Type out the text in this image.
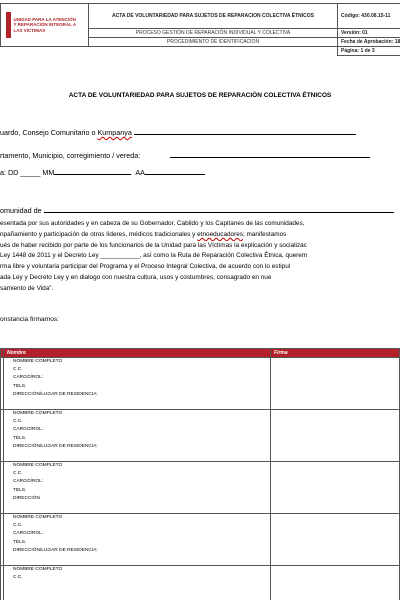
UNIDAD PARA LA ATENCIÓN
Y REPARACIÓN INTEGRAL A LAS VÍCTIMAS	ACTA DE VOLUNTARIEDAD PARA SUJETOS DE REPARACION COLECTIVA ÉTNICOS	Código: 430.08.15-11
	PROCESO GESTIÓN DE REPARACIÓN INDIVIDUAL Y COLECTIVA	Versión: 01
	PROCEDIMIENTO DE IDENTIFICACION	Fecha de Aprobación: 18
		Página: 1 de 3
ACTA DE VOLUNTARIEDAD PARA SUJETOS DE REPARACIÓN COLECTIVA ÉTNICOS
uardo, Consejo Comunitario o Kumpanya
rtamento, Municipio, corregimiento / vereda:
a: DD _____ MM	AA
omunidad de
esentada por sus autoridades y en cabeza de su Gobernador, Cabildo y los Capitanes de las comunidades,
npañamiento y participación de otros líderes, médicos tradicionales y etnoeducadores; manifestamos
ués de haber recibido por parte de los funcionarios de la Unidad para las Víctimas la explicación y socializac
Ley 1448 de 2011 y el Decreto Ley ___________, así como la Ruta de Reparación Colectiva Étnica, querem
rma libre y voluntaria participar del Programa y el Proceso Integral Colectiva, de acuerdo con lo estipul
ada Ley y Decreto Ley y en dialogo con nuestra cultura, usos y costumbres, consagrado en nue
samiento de Vida".
onstancia firmamos:
	Nombre	Firma

	NOMBRE COMPLETO
C.C.
CARGO/ROL:
TELS.
DIRECCIÓN/LUGAR DE RESIDENCIA:	

	NOMBRE COMPLETO
C.C.
CARGO/ROL:
TELS.
DIRECCIÓN/LUGAR DE RESIDENCIA:	

	NOMBRE COMPLETO
C.C.
CARGO/ROL:
TELS.
DIRECCIÓN	

	NOMBRE COMPLETO
C.C.
CARGO/ROL:
TELS.
DIRECCIÓN/LUGAR DE RESIDENCIA:	

	NOMBRE COMPLETO
C.C.	
